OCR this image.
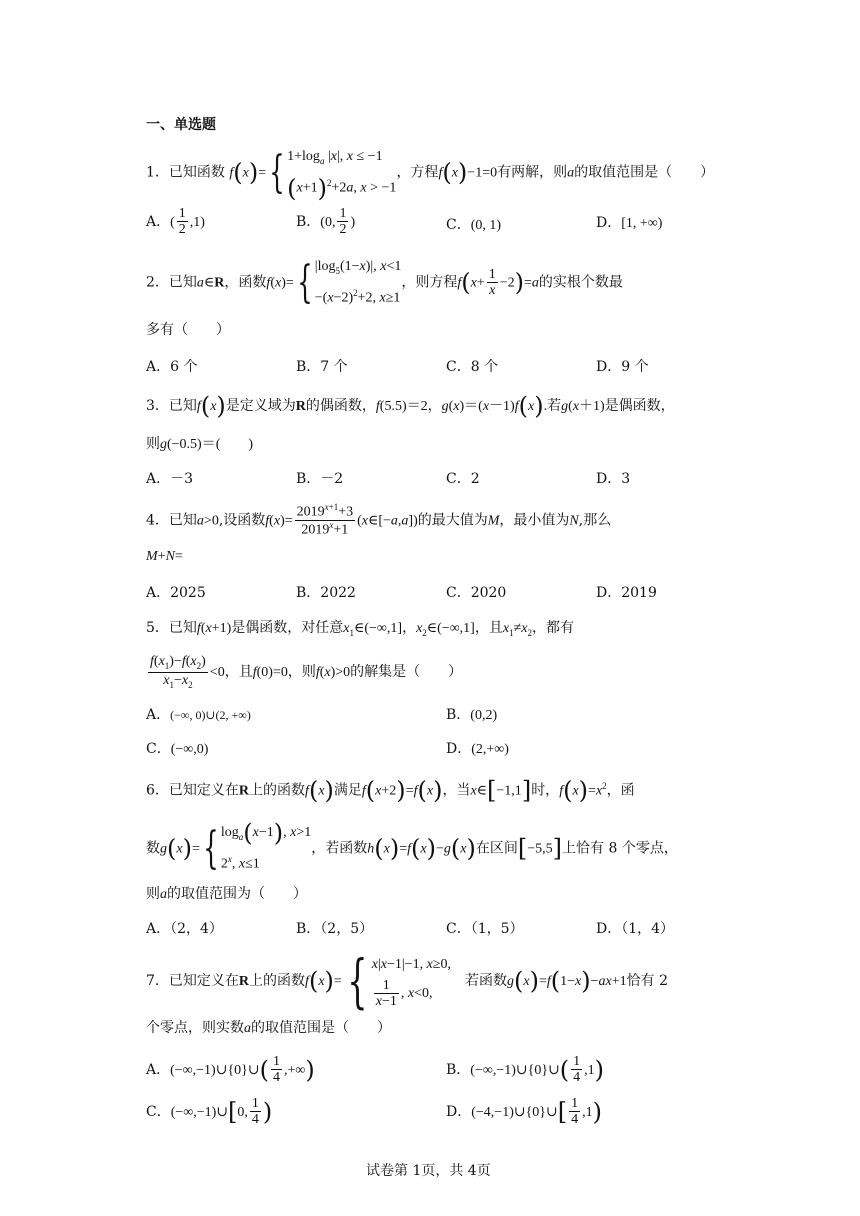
一、单选题
1．已知函数 f(x)={ $1+\log_a$ |x|, x ≤ −1
$(x+1)^2+2a$, x > −1
，方程f(x)−1=0有两解，则a的取值范围是（　　）
A．( $\frac{1}{2} ,1$)	B．(0, $\frac{1}{2}$ )	C．(0, 1)	D．[1, +∞)
2．已知a∈R，函数f(x)={ $|\log_5(1-x)|$, x<1
$-(x-2)^2+2$, x≥1
，则方程$f(x+ \frac{1}{x} -2)=a$的实根个数最
多有（　　）
A．6 个	B．7 个	C．8 个	D．9 个
3．已知f(x)是定义域为R的偶函数，f(5.5)＝2，g(x)＝(x－1)f(x).若g(x＋1)是偶函数，
则g(−0.5)＝(　　)
A．－3	B．－2	C．2	D．3
4．已知a>0,设函数$f(x)= \frac{2019^{x+1}+3}{2019^x+1}$ (x∈[−a,a])的最大值为M，最小值为N,那么
M+N=
A．2025	B．2022	C．2020	D．2019
5．已知f(x+1)是偶函数，对任意$x_1\in(-\infty,1]$，$x_2\in(-\infty,1]$，且$x_1\ne x_2$，都有
$\frac{f(x_1)-f(x_2)}{x_1-x_2} <0$，且f(0)=0，则f(x)>0的解集是（　　）
A．(−∞, 0)∪(2, +∞)	B．(0,2)
C．(−∞,0)	D．(2,+∞)
6．已知定义在R上的函数f(x)满足f(x+2)=f(x)，当x∈[−1,1]时，$f(x)=x^2$，函
数g(x)={ $\log_a(x-1)$, x>1
2$^x$, x≤1
，若函数h(x)=f(x)−g(x)在区间[−5,5]上恰有 8 个零点，
则a的取值范围为（　　）
A．（2，4）	B．（2，5）	C．（1，5）	D．（1，4）
7．已知定义在R上的函数f(x)={ x|x−1|−1, x≥0,
$\frac{1}{x-1}$ , x<0,
若函数g(x)=f(1−x)−ax+1恰有 2
个零点，则实数a的取值范围是（　　）
A．(−∞,−1)∪{0}∪( $\frac{1}{4}$ ,+∞)	B．(−∞,−1)∪{0}∪( $\frac{1}{4} ,1$)
C．(−∞,−1)∪[0, $\frac{1}{4}$ )	D．(−4,−1)∪{0}∪[ $\frac{1}{4} ,1$)
试卷第 1页，共 4页
